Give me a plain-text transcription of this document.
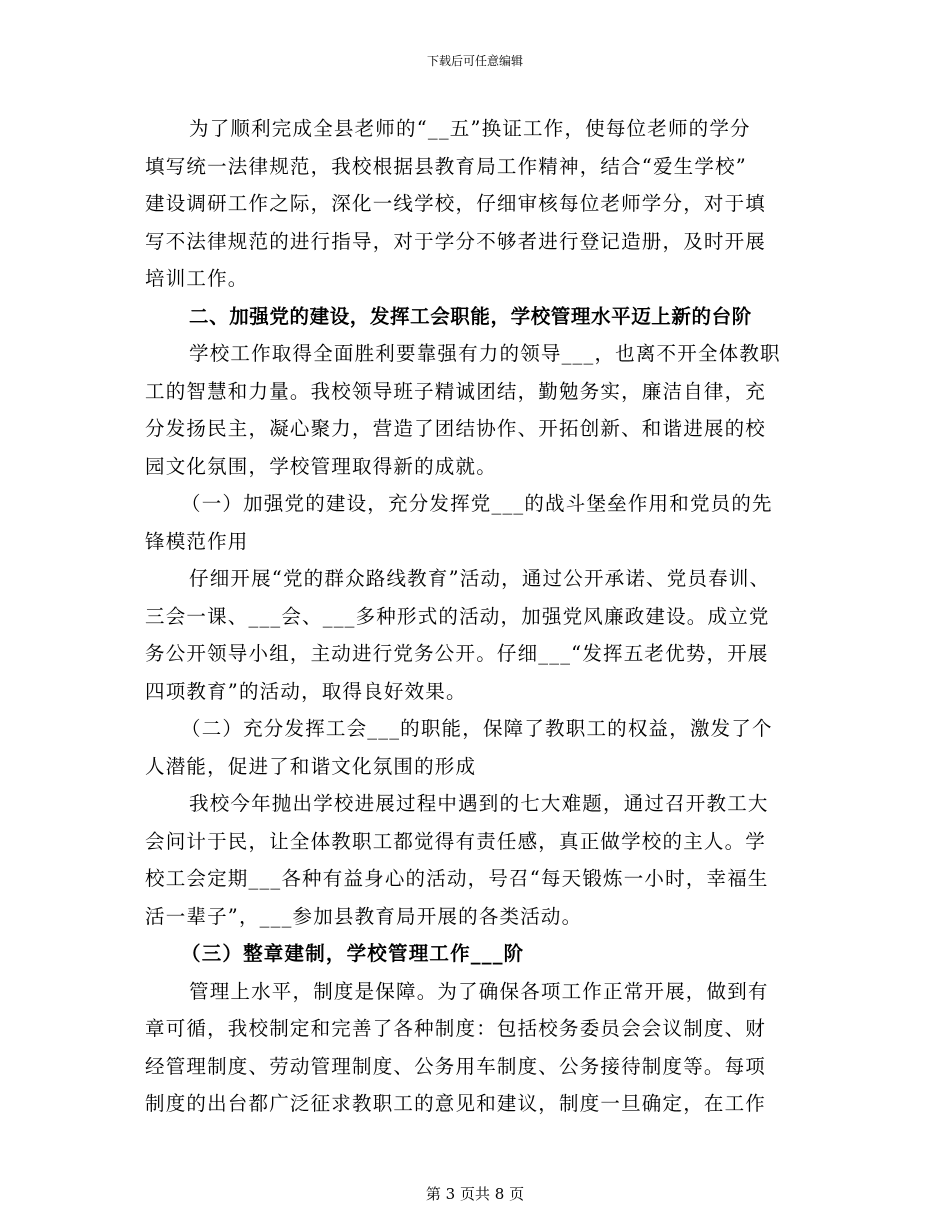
下载后可任意编辑
为了顺利完成全县老师的“__五”换证工作，使每位老师的学分
填写统一法律规范，我校根据县教育局工作精神，结合“爱生学校”
建设调研工作之际，深化一线学校，仔细审核每位老师学分，对于填
写不法律规范的进行指导，对于学分不够者进行登记造册，及时开展
培训工作。
二、加强党的建设，发挥工会职能，学校管理水平迈上新的台阶
学校工作取得全面胜利要靠强有力的领导___，也离不开全体教职
工的智慧和力量。我校领导班子精诚团结，勤勉务实，廉洁自律，充
分发扬民主，凝心聚力，营造了团结协作、开拓创新、和谐进展的校
园文化氛围，学校管理取得新的成就。
（一）加强党的建设，充分发挥党___的战斗堡垒作用和党员的先
锋模范作用
仔细开展“党的群众路线教育”活动，通过公开承诺、党员春训、
三会一课、___会、___多种形式的活动，加强党风廉政建设。成立党
务公开领导小组，主动进行党务公开。仔细___“发挥五老优势，开展
四项教育”的活动，取得良好效果。
（二）充分发挥工会___的职能，保障了教职工的权益，激发了个
人潜能，促进了和谐文化氛围的形成
我校今年抛出学校进展过程中遇到的七大难题，通过召开教工大
会问计于民，让全体教职工都觉得有责任感，真正做学校的主人。学
校工会定期___各种有益身心的活动，号召“每天锻炼一小时，幸福生
活一辈子”，___参加县教育局开展的各类活动。
（三）整章建制，学校管理工作___阶
管理上水平，制度是保障。为了确保各项工作正常开展，做到有
章可循，我校制定和完善了各种制度：包括校务委员会会议制度、财
经管理制度、劳动管理制度、公务用车制度、公务接待制度等。每项
制度的出台都广泛征求教职工的意见和建议，制度一旦确定，在工作
第 3 页共 8 页
